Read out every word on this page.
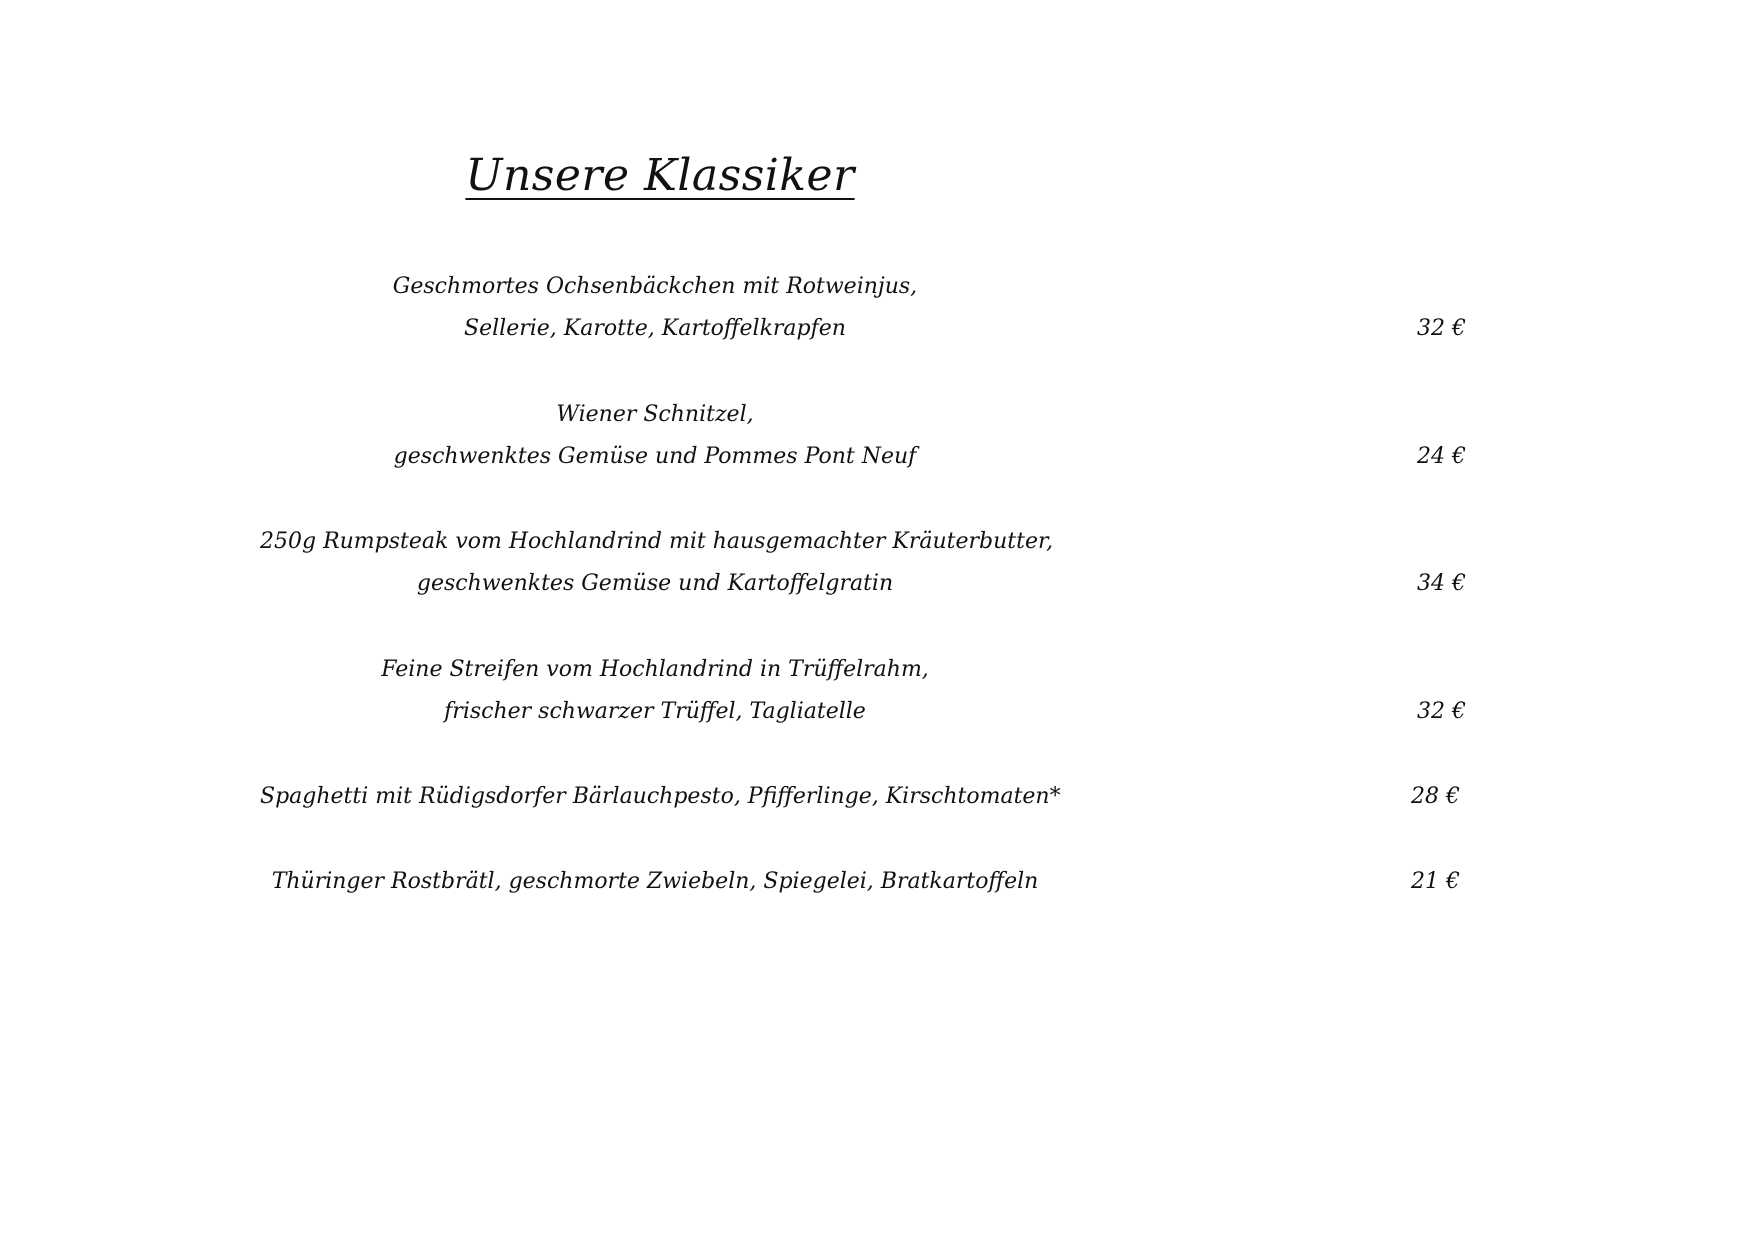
Unsere Klassiker
Geschmortes Ochsenbäckchen mit Rotweinjus,
Sellerie, Karotte, Kartoffelkrapfen	32 €
Wiener Schnitzel,
geschwenktes Gemüse und Pommes Pont Neuf	24 €
250g Rumpsteak vom Hochlandrind mit hausgemachter Kräuterbutter,
geschwenktes Gemüse und Kartoffelgratin	34 €
Feine Streifen vom Hochlandrind in Trüffelrahm,
frischer schwarzer Trüffel, Tagliatelle	32 €
Spaghetti mit Rüdigsdorfer Bärlauchpesto, Pfifferlinge, Kirschtomaten*	28 €
Thüringer Rostbrätl, geschmorte Zwiebeln, Spiegelei, Bratkartoffeln	21 €
